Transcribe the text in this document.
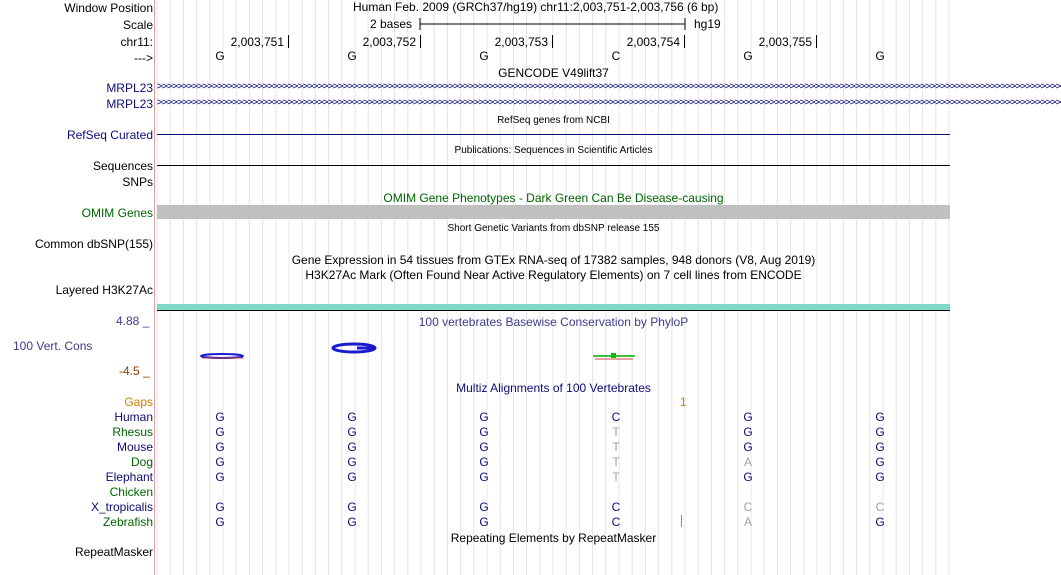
Window Position	Human Feb. 2009 (GRCh37/hg19) chr11:2,003,751-2,003,756 (6 bp)
Scale	2 bases	hg19
chr11:	2,003,751	2,003,752	2,003,753	2,003,754	2,003,755
--->	G	G	G	C	G	G
GENCODE V49lift37
MRPL23 >>>>>>>>>>>>>>>>>>>>>>>>>>>>>>>>>>>>>>>>>>>>>>>>>>>>>>>>>>>>>>>>>>>>>>>>>>>>>>>>>>>>>>>>>>>>>>>>>>>>>>>>>>>>>>>>>>>>>>>>>>>>>>>>>>>>>>>>>>>>>>>>>>>>>>>>>>>>>>>>>>>>>>>>>>>>>>>>>>>>
MRPL23 >>>>>>>>>>>>>>>>>>>>>>>>>>>>>>>>>>>>>>>>>>>>>>>>>>>>>>>>>>>>>>>>>>>>>>>>>>>>>>>>>>>>>>>>>>>>>>>>>>>>>>>>>>>>>>>>>>>>>>>>>>>>>>>>>>>>>>>>>>>>>>>>>>>>>>>>>>>>>>>>>>>>>>>>>>>>>>>>>>>>
RefSeq genes from NCBI
RefSeq Curated
Publications: Sequences in Scientific Articles
Sequences
SNPs
OMIM Gene Phenotypes - Dark Green Can Be Disease-causing
OMIM Genes
Short Genetic Variants from dbSNP release 155
Common dbSNP(155)
Gene Expression in 54 tissues from GTEx RNA-seq of 17382 samples, 948 donors (V8, Aug 2019)
H3K27Ac Mark (Often Found Near Active Regulatory Elements) on 7 cell lines from ENCODE
Layered H3K27Ac
4.88 _	100 vertebrates Basewise Conservation by PhyloP
100 Vert. Cons
-4.5 _
Multiz Alignments of 100 Vertebrates
Gaps	1
Human	G	G	G	C	G	G
Rhesus	G	G	G	T	G	G
Mouse	G	G	G	T	G	G
Dog	G	G	G	T	A	G
Elephant	G	G	G	T	G	G
Chicken
X_tropicalis	G	G	G	C	C	C
Zebrafish	G	G	G	C	A	G
Repeating Elements by RepeatMasker
RepeatMasker
